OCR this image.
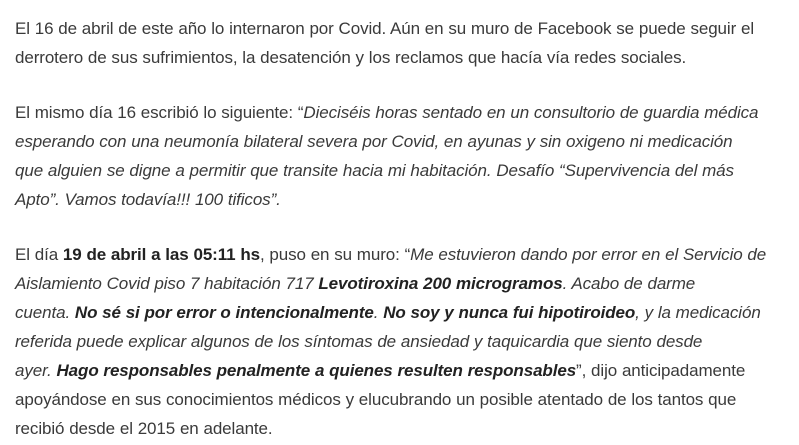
El 16 de abril de este año lo internaron por Covid. Aún en su muro de Facebook se puede seguir el
derrotero de sus sufrimientos, la desatención y los reclamos que hacía vía redes sociales.

El mismo día 16 escribió lo siguiente: “Dieciséis horas sentado en un consultorio de guardia médica
esperando con una neumonía bilateral severa por Covid, en ayunas y sin oxigeno ni medicación
que alguien se digne a permitir que transite hacia mi habitación. Desafío “Supervivencia del más
Apto”. Vamos todavía!!! 100 tificos”.

El día 19 de abril a las 05:11 hs, puso en su muro: “Me estuvieron dando por error en el Servicio de
Aislamiento Covid piso 7 habitación 717 Levotiroxina 200 microgramos. Acabo de darme
cuenta. No sé si por error o intencionalmente. No soy y nunca fui hipotiroideo, y la medicación
referida puede explicar algunos de los síntomas de ansiedad y taquicardia que siento desde
ayer. Hago responsables penalmente a quienes resulten responsables”, dijo anticipadamente
apoyándose en sus conocimientos médicos y elucubrando un posible atentado de los tantos que
recibió desde el 2015 en adelante.
